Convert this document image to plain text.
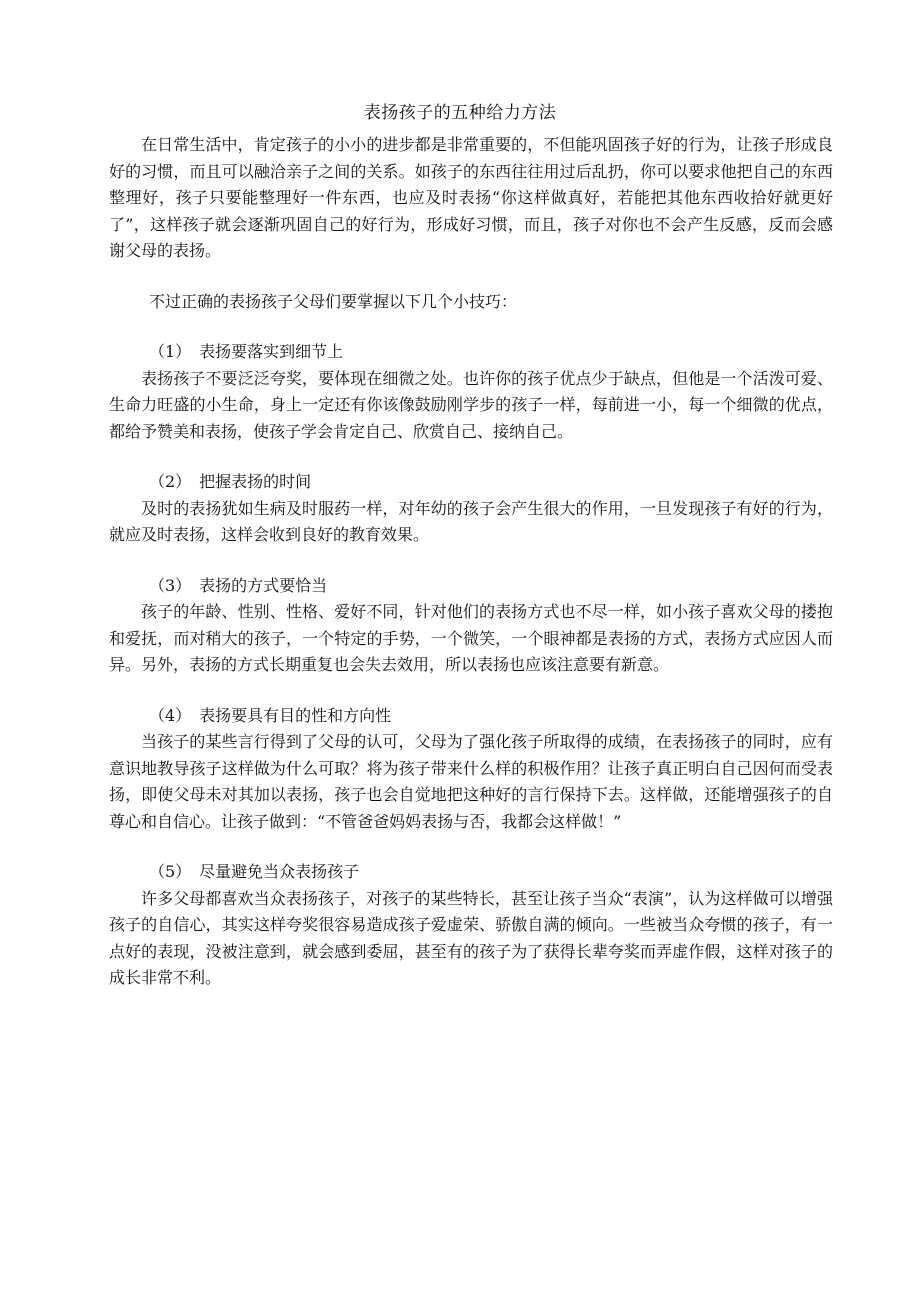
表扬孩子的五种给力方法

在日常生活中，肯定孩子的小小的进步都是非常重要的，不但能巩固孩子好的行为，让孩子形成良好的习惯，而且可以融洽亲子之间的关系。如孩子的东西往往用过后乱扔，你可以要求他把自己的东西整理好，孩子只要能整理好一件东西，也应及时表扬“你这样做真好，若能把其他东西收拾好就更好了”，这样孩子就会逐渐巩固自己的好行为，形成好习惯，而且，孩子对你也不会产生反感，反而会感谢父母的表扬。

不过正确的表扬孩子父母们要掌握以下几个小技巧：

（1）　表扬要落实到细节上

表扬孩子不要泛泛夸奖，要体现在细微之处。也许你的孩子优点少于缺点，但他是一个活泼可爱、生命力旺盛的小生命，身上一定还有你该像鼓励刚学步的孩子一样，每前进一小，每一个细微的优点，都给予赞美和表扬，使孩子学会肯定自己、欣赏自己、接纳自己。

（2）　把握表扬的时间

及时的表扬犹如生病及时服药一样，对年幼的孩子会产生很大的作用，一旦发现孩子有好的行为，就应及时表扬，这样会收到良好的教育效果。

（3）　表扬的方式要恰当

孩子的年龄、性别、性格、爱好不同，针对他们的表扬方式也不尽一样，如小孩子喜欢父母的搂抱和爱抚，而对稍大的孩子，一个特定的手势，一个微笑，一个眼神都是表扬的方式，表扬方式应因人而异。另外，表扬的方式长期重复也会失去效用，所以表扬也应该注意要有新意。

（4）　表扬要具有目的性和方向性

当孩子的某些言行得到了父母的认可，父母为了强化孩子所取得的成绩，在表扬孩子的同时，应有意识地教导孩子这样做为什么可取？将为孩子带来什么样的积极作用？让孩子真正明白自己因何而受表扬，即使父母未对其加以表扬，孩子也会自觉地把这种好的言行保持下去。这样做，还能增强孩子的自尊心和自信心。让孩子做到：“不管爸爸妈妈表扬与否，我都会这样做！”

（5）　尽量避免当众表扬孩子

许多父母都喜欢当众表扬孩子，对孩子的某些特长，甚至让孩子当众“表演”，认为这样做可以增强孩子的自信心，其实这样夸奖很容易造成孩子爱虚荣、骄傲自满的倾向。一些被当众夸惯的孩子，有一点好的表现，没被注意到，就会感到委屈，甚至有的孩子为了获得长辈夸奖而弄虚作假，这样对孩子的成长非常不利。
